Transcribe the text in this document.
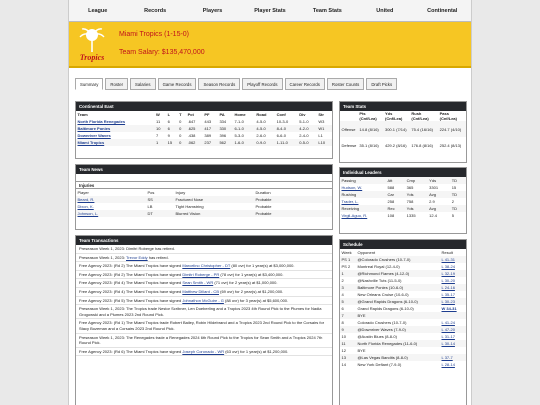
League	Records	Players	Player Stats	Team Stats	United	Continental
Tropics
Miami Tropics (1-15-0)
Team Salary: $135,470,000
Summary	Roster	Salaries	Game Records	Season Records	Playoff Records	Career Records	Roster Counts	Draft Picks
Continental East
Team	W	L	T	Pct	PF	PA	Home	Road	Conf	Div	Str
North Florida Renegades	11	6	0	.647	443	334	7-1-0	4-5-0	10-3-0	5-1-0	W3
Baltimore Ponies	10	6	0	.625	417	330	6-1-0	4-5-0	8-4-0	4-2-0	W1
Downriver Waves	7	9	0	.438	389	396	5-3-0	2-6-0	6-6-0	2-4-0	L1
Miami Tropics	1	15	0	.062	237	562	1-6-0	0-9-0	1-11-0	0-5-0	L10
Team News
Injuries
Player	Pos	Injury	Duration
Beard, R.	SS	Fractured Nose	Probable
Dixon, K.	LB	Tight Hamstring	Probable
Johnson, L.	DT	Blurred Vision	Probable
Team Transactions
Preseason Week 1, 2023: Dimitri Roberge has retired.
Preseason Week 1, 2023: Trevor Eddy has retired.
Free Agency 2023: (Rd 2) The Miami Tropics have signed Marcelino Christopher - DT (80 ovr) for 1 year(s) at $3,000,000.
Free Agency 2023: (Rd 2) The Miami Tropics have signed Dimitri Roberge - PR (78 ovr) for 1 year(s) at $3,400,000.
Free Agency 2023: (Rd 4) The Miami Tropics have signed Sean Smith - WR (71 ovr) for 2 year(s) at $1,000,000.
Free Agency 2023: (Rd 4) The Miami Tropics have signed Matthew Dillard - CB (69 ovr) for 2 year(s) at $1,200,000.
Free Agency 2023: (Rd 5) The Miami Tropics have signed Johnathon McGuire - G (88 ovr) for 3 year(s) at $5,600,000.
Preseason Week 1, 2023: The Tropics trade Nestor Scribner, Len Doeberling and a Tropics 2023 4th Round Pick to the Plumes for Nadia Grogowski and a Plumes 2023 2nd Round Pick.
Free Agency 2023: (Rd 1) The Miami Tropics trade Robert Bailey, Robin Hildebrand and a Tropics 2023 2nd Round Pick to the Corsairs for Stacy Bozeman and a Corsairs 2023 2nd Round Pick.
Preseason Week 1, 2023: The Renegades trade a Renegades 2024 6th Round Pick to the Tropics for Sean Smith and a Tropics 2024 7th Round Pick.
Free Agency 2023: (Rd 6) The Miami Tropics have signed Joseph Coronado - WR (63 ovr) for 1 year(s) at $1,200,000.
Team Stats
	Pts (Cnf/Lea)	Yds (Cnf/Lea)	Rush (Cnf/Lea)	Pass (Cnf/Lea)
Offense	14.8 (8/16)	300.1 (7/14)	75.4 (16/16)	224.7 (4/10)
Defense	35.1 (8/16)	429.2 (8/16)	176.8 (8/16)	252.4 (8/13)
Individual Leaders
Passing	Att	Cmp	Yds	TD
Hudson, W.	588	365	3301	15
Rushing	Car	Yds	Avg	TD
Trader, L.	258	758	2.9	2
Receiving	Rec	Yds	Avg	TD
Virgil-Aguo, R.	108	1335	12.4	5
Schedule
Week	Opponent	Result
PS 1	@Colorado Crushers (10-7-0)	L 41-31
PS 2	Montreal Royal (12-4-0)	L 38-24
1	@Richmond Flames (4-12-0)	L 32-19
2	@Nashville Tuts (11-5-0)	L 30-20
3	Baltimore Ponies (10-6-0)	L 24-16
4	New Orleans Cruise (10-6-0)	L 35-17
5	@Grand Rapids Dragons (6-10-0)	L 30-23
6	Grand Rapids Dragons (6-10-0)	W 34-31
7	BYE	
8	Colorado Crushers (10-7-0)	L 41-24
9	@Downriver Waves (7-9-0)	L 47-20
10	@Austin Blues (8-8-0)	L 31-17
11	North Florida Renegades (11-6-0)	L 30-14
12	BYE	
13	@Las Vegas Bandits (8-8-0)	L 37-7
14	New York Defiant (7-9-0)	L 28-14
